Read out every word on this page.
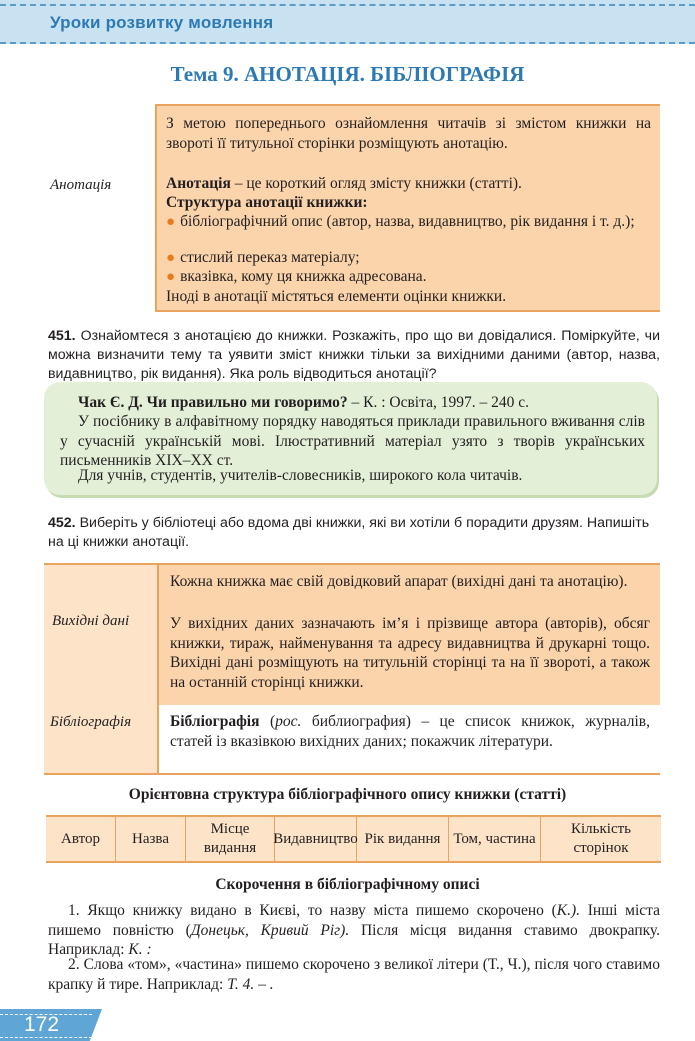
Уроки розвитку мовлення
Тема 9. АНОТАЦІЯ. БІБЛІОГРАФІЯ
Анотація
З метою попереднього ознайомлення читачів зі змістом книжки на звороті її титульної сторінки розміщують анотацію.
Анотація – це короткий огляд змісту книжки (статті).
Структура анотації книжки:
● бібліографічний опис (автор, назва, видавництво, рік видання і т. д.);
● стислий переказ матеріалу;
● вказівка, кому ця книжка адресована.
Іноді в анотації містяться елементи оцінки книжки.
451. Ознайомтеся з анотацією до книжки. Розкажіть, про що ви довідалися. Поміркуйте, чи можна визначити тему та уявити зміст книжки тільки за вихідними даними (автор, назва, видавництво, рік видання). Яка роль відводиться анотації?
Чак Є. Д. Чи правильно ми говоримо? – К. : Освіта, 1997. – 240 с.
У посібнику в алфавітному порядку наводяться приклади правильного вживання слів у сучасній українській мові. Ілюстративний матеріал узято з творів українських письменників XIX–XX ст.
Для учнів, студентів, учителів-словесників, широкого кола читачів.
452. Виберіть у бібліотеці або вдома дві книжки, які ви хотіли б порадити друзям. Напишіть на ці книжки анотації.
Вихідні дані
Бібліографія
Кожна книжка має свій довідковий апарат (вихідні дані та анотацію).
У вихідних даних зазначають ім’я і прізвище автора (авторів), обсяг книжки, тираж, найменування та адресу видавництва й друкарні тощо. Вихідні дані розміщують на титульній сторінці та на її звороті, а також на останній сторінці книжки.
Бібліографія (рос. библиография) – це список книжок, журналів, статей із вказівкою вихідних даних; покажчик літератури.
Орієнтовна структура бібліографічного опису книжки (статті)
Автор	Назва
Місце видання
Видавництво Рік видання Том, частина
Кількість сторінок
Скорочення в бібліографічному описі
1. Якщо книжку видано в Києві, то назву міста пишемо скорочено (К.). Інші міста пишемо повністю (Донецьк, Кривий Ріг). Після місця видання ставимо двокрапку. Наприклад: К. :
2. Слова «том», «частина» пишемо скорочено з великої літери (Т., Ч.), після чого ставимо крапку й тире. Наприклад: Т. 4. – .
172
